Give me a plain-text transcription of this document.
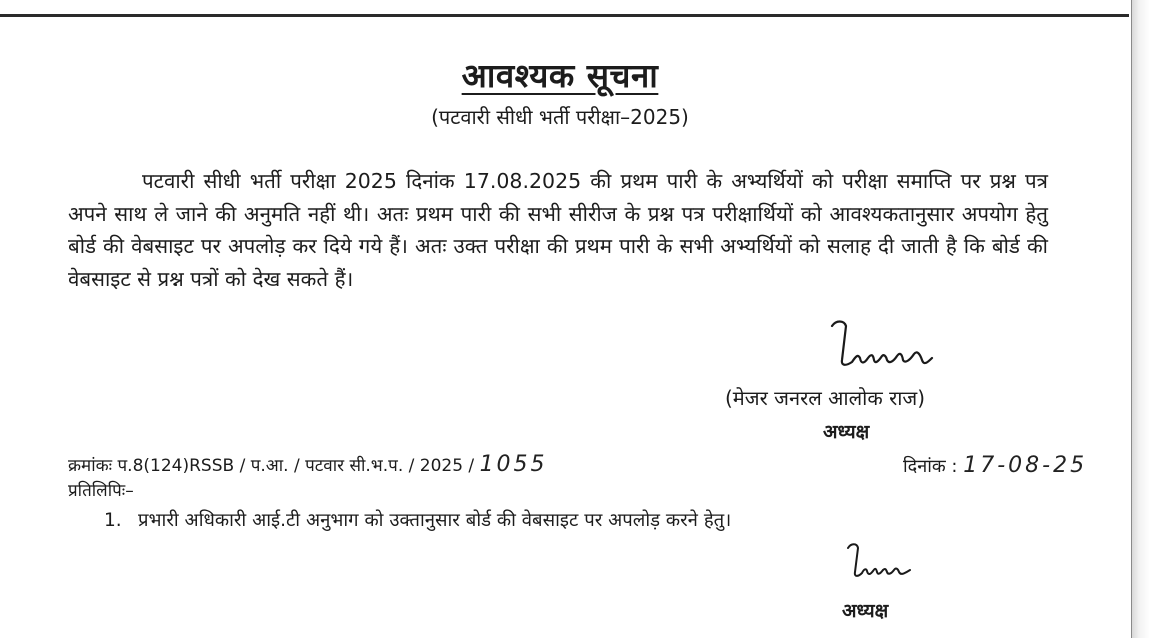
आवश्यक सूचना
(पटवारी सीधी भर्ती परीक्षा–2025)
पटवारी सीधी भर्ती परीक्षा 2025 दिनांक 17.08.2025 की प्रथम पारी के अभ्यर्थियों को परीक्षा समाप्ति पर प्रश्न पत्र अपने साथ ले जाने की अनुमति नहीं थी। अतः प्रथम पारी की सभी सीरीज के प्रश्न पत्र परीक्षार्थियों को आवश्यकतानुसार अपयोग हेतु बोर्ड की वेबसाइट पर अपलोड़ कर दिये गये हैं। अतः उक्त परीक्षा की प्रथम पारी के सभी अभ्यर्थियों को सलाह दी जाती है कि बोर्ड की वेबसाइट से प्रश्न पत्रों को देख सकते हैं।
(मेजर जनरल आलोक राज)
अध्यक्ष
क्रमांकः प.8(124)RSSB / प.आ. / पटवार सी.भ.प. / 2025 / 1055	दिनांक : 17-08-25
प्रतिलिपिः–
1. प्रभारी अधिकारी आई.टी अनुभाग को उक्तानुसार बोर्ड की वेबसाइट पर अपलोड़ करने हेतु।
अध्यक्ष
